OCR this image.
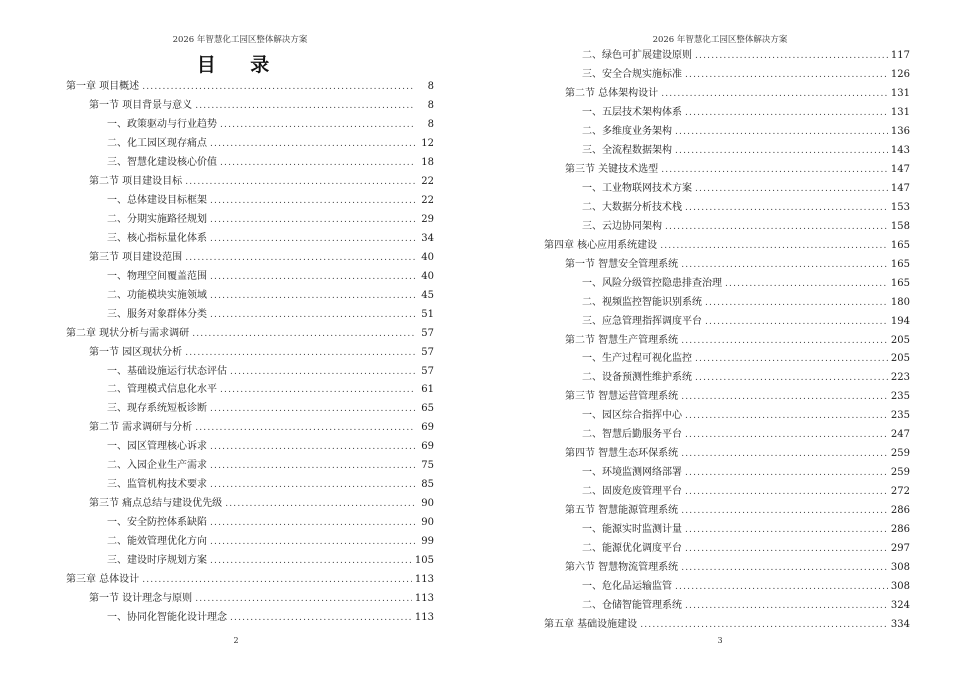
2026 年智慧化工园区整体解决方案
目 录
第一章 项目概述 .....	8
第一节 项目背景与意义 .....	8
一、政策驱动与行业趋势 .....	8
二、化工园区现存痛点 .....	12
三、智慧化建设核心价值 .....	18
第二节 项目建设目标 .....	22
一、总体建设目标框架 .....	22
二、分期实施路径规划 .....	29
三、核心指标量化体系 .....	34
第三节 项目建设范围 .....	40
一、物理空间覆盖范围 .....	40
二、功能模块实施领域 .....	45
三、服务对象群体分类 .....	51
第二章 现状分析与需求调研 .....	57
第一节 园区现状分析 .....	57
一、基础设施运行状态评估 .....	57
二、管理模式信息化水平 .....	61
三、现存系统短板诊断 .....	65
第二节 需求调研与分析 .....	69
一、园区管理核心诉求 .....	69
二、入园企业生产需求 .....	75
三、监管机构技术要求 .....	85
第三节 痛点总结与建设优先级 .....	90
一、安全防控体系缺陷 .....	90
二、能效管理优化方向 .....	99
三、建设时序规划方案 .....	105
第三章 总体设计 .....	113
第一节 设计理念与原则 .....	113
一、协同化智能化设计理念 .....	113
2
2026 年智慧化工园区整体解决方案
二、绿色可扩展建设原则 .....	117
三、安全合规实施标准 .....	126
第二节 总体架构设计 .....	131
一、五层技术架构体系 .....	131
二、多维度业务架构 .....	136
三、全流程数据架构 .....	143
第三节 关键技术选型 .....	147
一、工业物联网技术方案 .....	147
二、大数据分析技术栈 .....	153
三、云边协同架构 .....	158
第四章 核心应用系统建设 .....	165
第一节 智慧安全管理系统 .....	165
一、风险分级管控隐患排查治理 .....	165
二、视频监控智能识别系统 .....	180
三、应急管理指挥调度平台 .....	194
第二节 智慧生产管理系统 .....	205
一、生产过程可视化监控 .....	205
二、设备预测性维护系统 .....	223
第三节 智慧运营管理系统 .....	235
一、园区综合指挥中心 .....	235
二、智慧后勤服务平台 .....	247
第四节 智慧生态环保系统 .....	259
一、环境监测网络部署 .....	259
二、固废危废管理平台 .....	272
第五节 智慧能源管理系统 .....	286
一、能源实时监测计量 .....	286
二、能源优化调度平台 .....	297
第六节 智慧物流管理系统 .....	308
一、危化品运输监管 .....	308
二、仓储智能管理系统 .....	324
第五章 基础设施建设 .....	334
3
